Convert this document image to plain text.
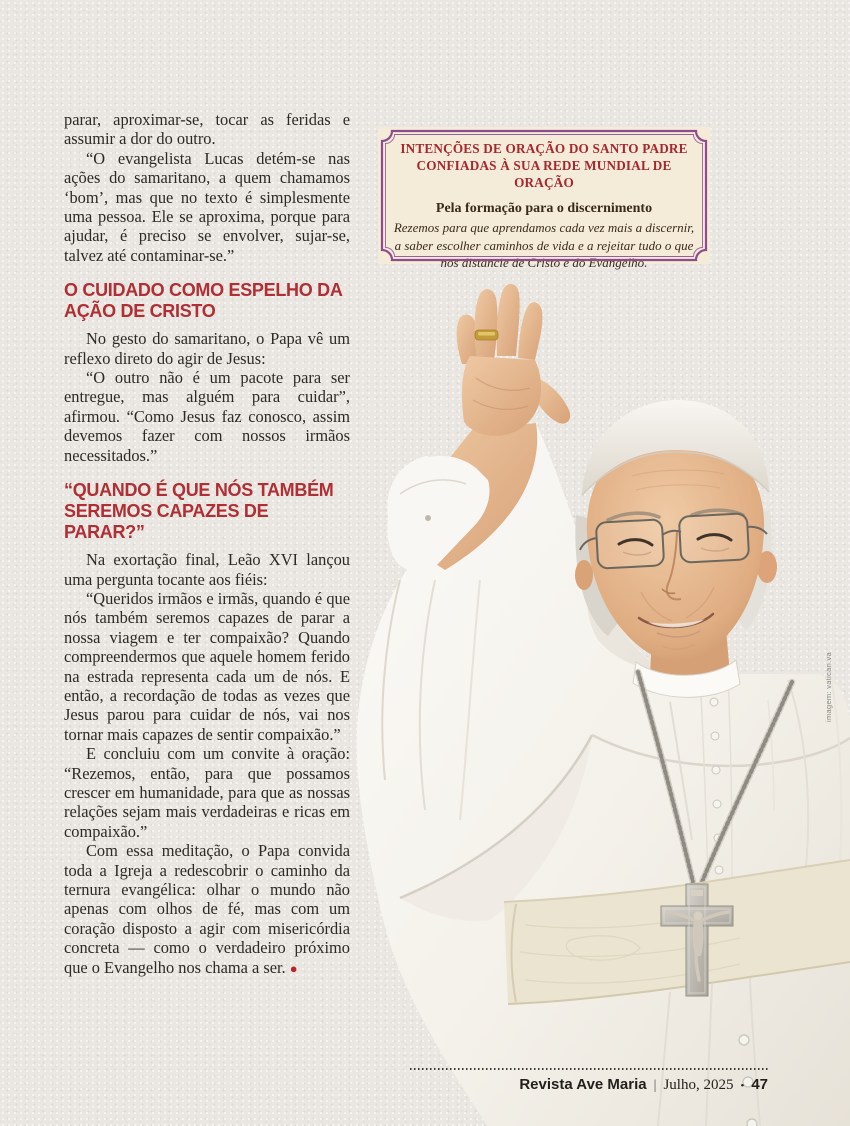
parar, aproximar-se, tocar as feridas e assumir a dor do outro.

“O evangelista Lucas detém-se nas ações do samaritano, a quem chamamos ‘bom’, mas que no texto é simplesmente uma pessoa. Ele se aproxima, porque para ajudar, é preciso se envolver, sujar-se, talvez até contaminar-se.”

O CUIDADO COMO ESPELHO DA AÇÃO DE CRISTO

No gesto do samaritano, o Papa vê um reflexo direto do agir de Jesus:

“O outro não é um pacote para ser entregue, mas alguém para cuidar”, afirmou. “Como Jesus faz conosco, assim devemos fazer com nossos irmãos necessitados.”

“QUANDO É QUE NÓS TAMBÉM SEREMOS CAPAZES DE PARAR?”

Na exortação final, Leão XVI lançou uma pergunta tocante aos fiéis:

“Queridos irmãos e irmãs, quando é que nós também seremos capazes de parar a nossa viagem e ter compaixão? Quando compreendermos que aquele homem ferido na estrada representa cada um de nós. E então, a recordação de todas as vezes que Jesus parou para cuidar de nós, vai nos tornar mais capazes de sentir compaixão.”

E concluiu com um convite à oração: “Rezemos, então, para que possamos crescer em humanidade, para que as nossas relações sejam mais verdadeiras e ricas em compaixão.”

Com essa meditação, o Papa convida toda a Igreja a redescobrir o caminho da ternura evangélica: olhar o mundo não apenas com olhos de fé, mas com um coração disposto a agir com misericórdia concreta — como o verdadeiro próximo que o Evangelho nos chama a ser. ●

INTENÇÕES DE ORAÇÃO DO SANTO PADRE CONFIADAS À SUA REDE MUNDIAL DE ORAÇÃO
Pela formação para o discernimento
Rezemos para que aprendamos cada vez mais a discernir, a saber escolher caminhos de vida e a rejeitar tudo o que nos distancie de Cristo e do Evangelho.
imagem: vatican.va
Revista Ave Maria | Julho, 2025 • 47
